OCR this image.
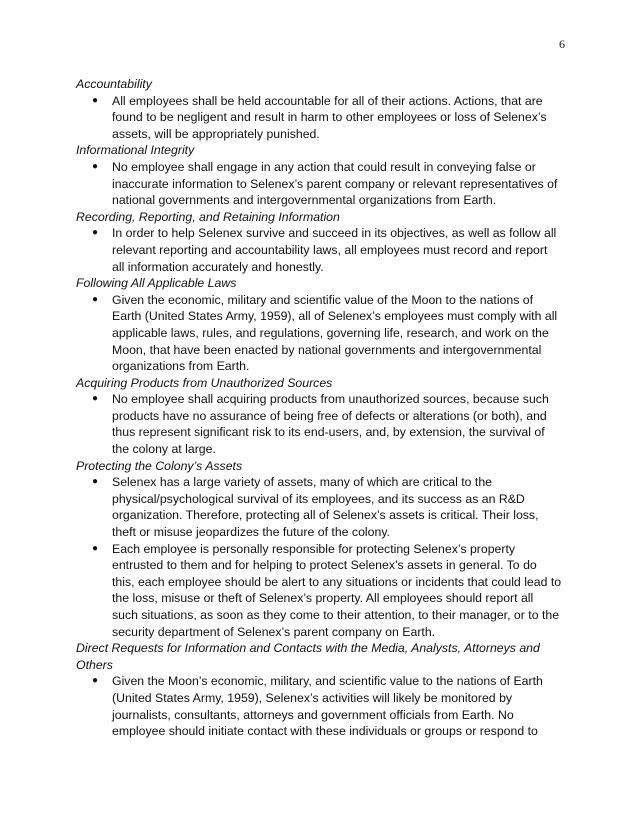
6

Accountability

● All employees shall be held accountable for all of their actions. Actions, that are found to be negligent and result in harm to other employees or loss of Selenex’s assets, will be appropriately punished.

Informational Integrity

● No employee shall engage in any action that could result in conveying false or inaccurate information to Selenex’s parent company or relevant representatives of national governments and intergovernmental organizations from Earth.

Recording, Reporting, and Retaining Information

● In order to help Selenex survive and succeed in its objectives, as well as follow all relevant reporting and accountability laws, all employees must record and report all information accurately and honestly.

Following All Applicable Laws

● Given the economic, military and scientific value of the Moon to the nations of Earth (United States Army, 1959), all of Selenex’s employees must comply with all applicable laws, rules, and regulations, governing life, research, and work on the Moon, that have been enacted by national governments and intergovernmental organizations from Earth.

Acquiring Products from Unauthorized Sources

● No employee shall acquiring products from unauthorized sources, because such products have no assurance of being free of defects or alterations (or both), and thus represent significant risk to its end-users, and, by extension, the survival of the colony at large.

Protecting the Colony’s Assets

● Selenex has a large variety of assets, many of which are critical to the physical/psychological survival of its employees, and its success as an R&D organization. Therefore, protecting all of Selenex’s assets is critical. Their loss, theft or misuse jeopardizes the future of the colony.
● Each employee is personally responsible for protecting Selenex’s property entrusted to them and for helping to protect Selenex’s assets in general. To do this, each employee should be alert to any situations or incidents that could lead to the loss, misuse or theft of Selenex’s property. All employees should report all such situations, as soon as they come to their attention, to their manager, or to the security department of Selenex’s parent company on Earth.

Direct Requests for Information and Contacts with the Media, Analysts, Attorneys and Others

● Given the Moon’s economic, military, and scientific value to the nations of Earth (United States Army, 1959), Selenex’s activities will likely be monitored by journalists, consultants, attorneys and government officials from Earth. No employee should initiate contact with these individuals or groups or respond to
